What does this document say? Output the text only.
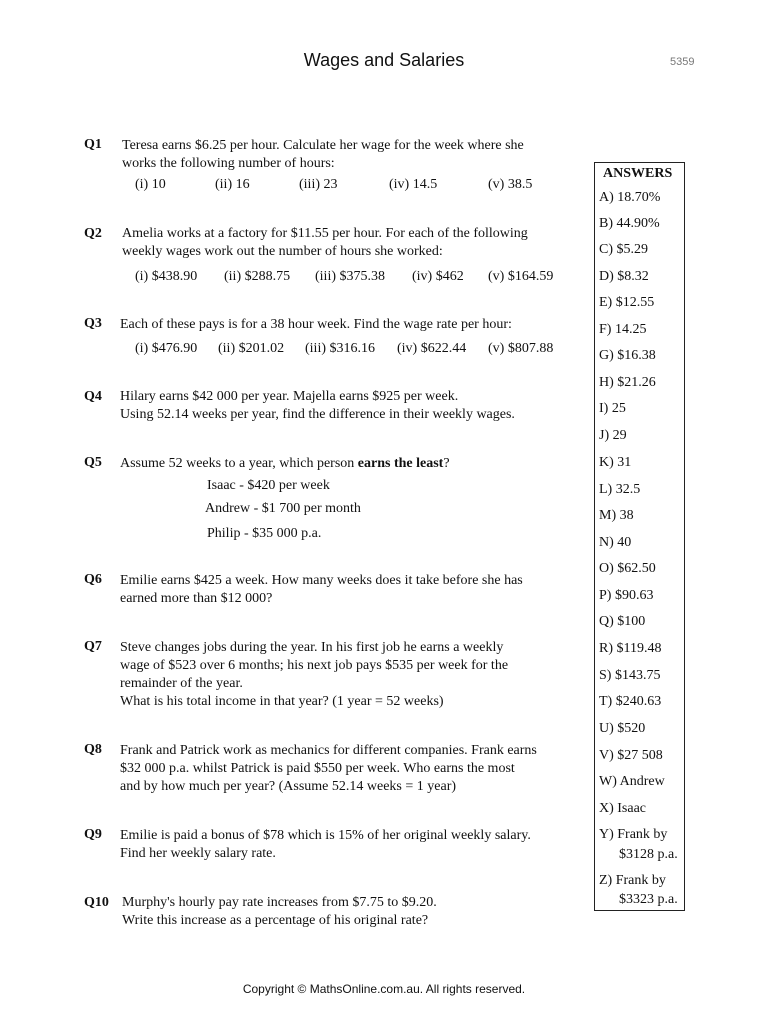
Wages and Salaries	5359
Q1 Teresa earns $6.25 per hour. Calculate her wage for the week where she
works the following number of hours:
(i) 10	(ii) 16	(iii) 23	(iv) 14.5	(v) 38.5
Q2 Amelia works at a factory for $11.55 per hour. For each of the following
weekly wages work out the number of hours she worked:
(i) $438.90 (ii) $288.75 (iii) $375.38 (iv) $462 (v) $164.59
Q3 Each of these pays is for a 38 hour week. Find the wage rate per hour:
(i) $476.90 (ii) $201.02 (iii) $316.16 (iv) $622.44 (v) $807.88
Q4 Hilary earns $42 000 per year. Majella earns $925 per week.
Using 52.14 weeks per year, find the difference in their weekly wages.
Q5 Assume 52 weeks to a year, which person earns the least?
Isaac - $420 per week
Andrew - $1 700 per month
Philip - $35 000 p.a.
Q6 Emilie earns $425 a week. How many weeks does it take before she has
earned more than $12 000?
Q7 Steve changes jobs during the year. In his first job he earns a weekly
wage of $523 over 6 months; his next job pays $535 per week for the
remainder of the year.
What is his total income in that year? (1 year = 52 weeks)
Q8 Frank and Patrick work as mechanics for different companies. Frank earns
$32 000 p.a. whilst Patrick is paid $550 per week. Who earns the most
and by how much per year? (Assume 52.14 weeks = 1 year)
Q9 Emilie is paid a bonus of $78 which is 15% of her original weekly salary.
Find her weekly salary rate.
Q10 Murphy's hourly pay rate increases from $7.75 to $9.20.
Write this increase as a percentage of his original rate?
ANSWERS
A) 18.70%
B) 44.90%
C) $5.29
D) $8.32
E) $12.55
F) 14.25
G) $16.38
H) $21.26
I) 25
J) 29
K) 31
L) 32.5
M) 38
N) 40
O) $62.50
P) $90.63
Q) $100
R) $119.48
S) $143.75
T) $240.63
U) $520
V) $27 508
W) Andrew
X) Isaac
Y) Frank by
$3128 p.a.
Z) Frank by
$3323 p.a.
Copyright © MathsOnline.com.au. All rights reserved.
